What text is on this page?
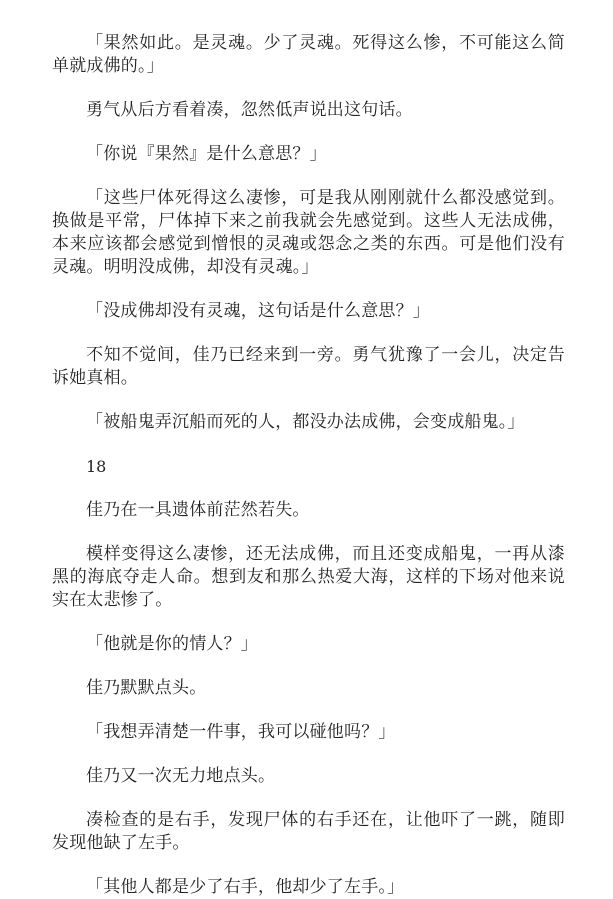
「果然如此。是灵魂。少了灵魂。死得这么惨，不可能这么简单就成佛的。」

勇气从后方看着凑，忽然低声说出这句话。

「你说『果然』是什么意思？」

「这些尸体死得这么凄惨，可是我从刚刚就什么都没感觉到。换做是平常，尸体掉下来之前我就会先感觉到。这些人无法成佛，本来应该都会感觉到憎恨的灵魂或怨念之类的东西。可是他们没有灵魂。明明没成佛，却没有灵魂。」

「没成佛却没有灵魂，这句话是什么意思？」

不知不觉间，佳乃已经来到一旁。勇气犹豫了一会儿，决定告诉她真相。

「被船鬼弄沉船而死的人，都没办法成佛，会变成船鬼。」

18

佳乃在一具遗体前茫然若失。

模样变得这么凄惨，还无法成佛，而且还变成船鬼，一再从漆黑的海底夺走人命。想到友和那么热爱大海，这样的下场对他来说实在太悲惨了。

「他就是你的情人？」

佳乃默默点头。

「我想弄清楚一件事，我可以碰他吗？」

佳乃又一次无力地点头。

凑检查的是右手，发现尸体的右手还在，让他吓了一跳，随即发现他缺了左手。

「其他人都是少了右手，他却少了左手。」
